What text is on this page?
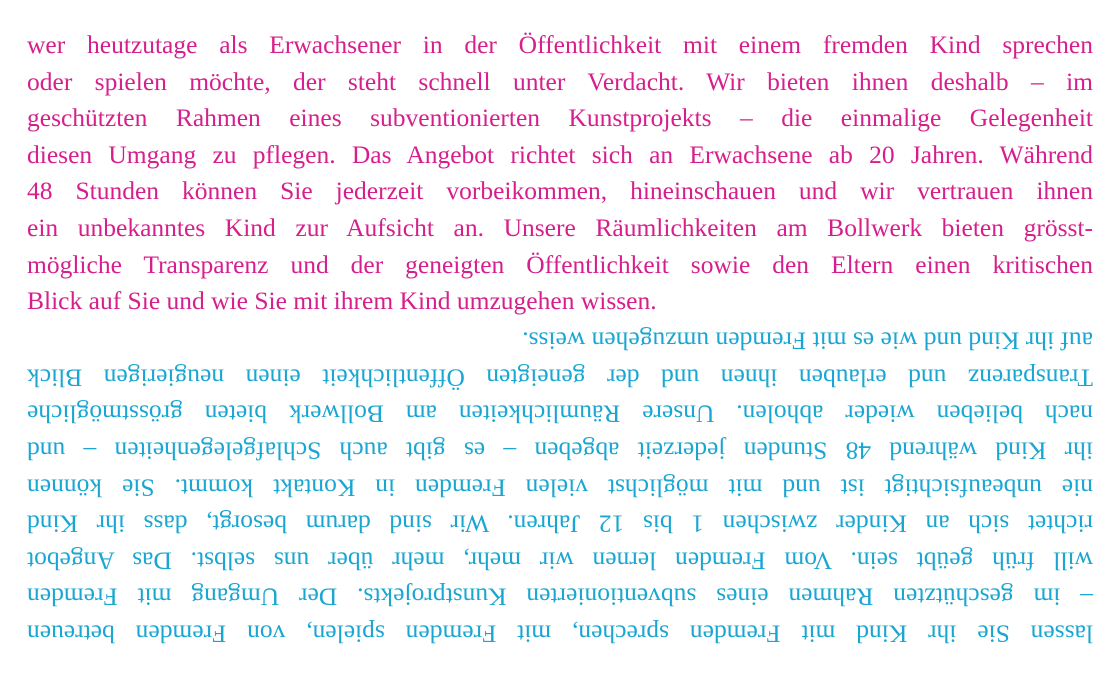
wer heutzutage als Erwachsener in der Öffentlichkeit mit einem fremden Kind sprechen
oder spielen möchte, der steht schnell unter Verdacht. Wir bieten ihnen deshalb – im
geschützten Rahmen eines subventionierten Kunstprojekts – die einmalige Gelegenheit
diesen Umgang zu pflegen. Das Angebot richtet sich an Erwachsene ab 20 Jahren. Während
48 Stunden können Sie jederzeit vorbeikommen, hineinschauen und wir vertrauen ihnen
ein unbekanntes Kind zur Aufsicht an. Unsere Räumlichkeiten am Bollwerk bieten grösst-
mögliche Transparenz und der geneigten Öffentlichkeit sowie den Eltern einen kritischen
Blick auf Sie und wie Sie mit ihrem Kind umzugehen wissen.
lassen Sie ihr Kind mit Fremden sprechen, mit Fremden spielen, von Fremden betreuen
– im geschützten Rahmen eines subventionierten Kunstprojekts. Der Umgang mit Fremden
will früh geübt sein. Vom Fremden lernen wir mehr, mehr über uns selbst. Das Angebot
richtet sich an Kinder zwischen 1 bis 12 Jahren. Wir sind darum besorgt, dass ihr Kind
nie unbeaufsichtigt ist und mit möglichst vielen Fremden in Kontakt kommt. Sie können
ihr Kind während 48 Stunden jederzeit abgeben – es gibt auch Schlafgelegenheiten – und
nach belieben wieder abholen. Unsere Räumlichkeiten am Bollwerk bieten grösstmögliche
Transparenz und erlauben ihnen und der geneigten Öffentlichkeit einen neugierigen Blick
auf ihr Kind und wie es mit Fremden umzugehen weiss.
